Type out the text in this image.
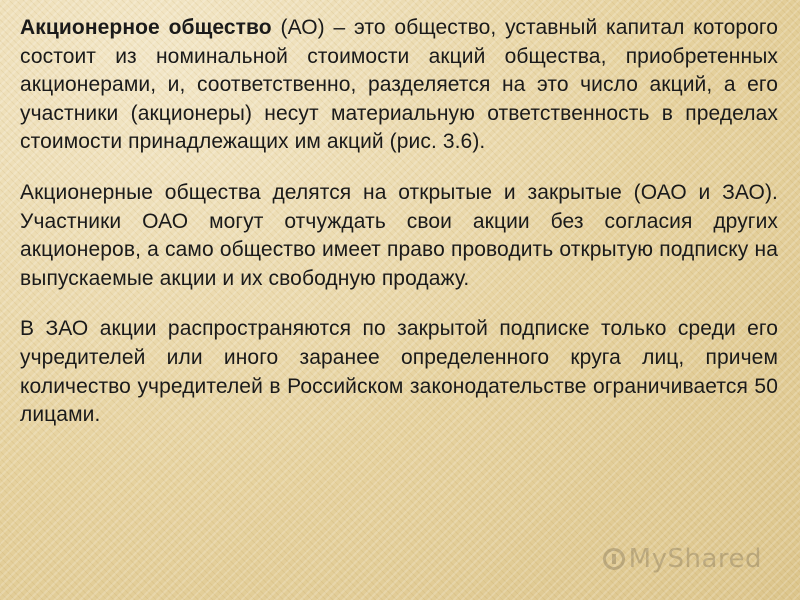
Акционерное общество (АО) – это общество, уставный капитал которого состоит из номинальной стоимости акций общества, приобретенных акционерами, и, соответственно, разделяется на это число акций, а его участники (акционеры) несут материальную ответственность в пределах стоимости принадлежащих им акций (рис. 3.6).

Акционерные общества делятся на открытые и закрытые (ОАО и ЗАО). Участники ОАО могут отчуждать свои акции без согласия других акционеров, а само общество имеет право проводить открытую подписку на выпускаемые акции и их свободную продажу.

В ЗАО акции распространяются по закрытой подписке только среди его учредителей или иного заранее определенного круга лиц, причем количество учредителей в Российском законодательстве ограничивается 50 лицами.

MyShared
